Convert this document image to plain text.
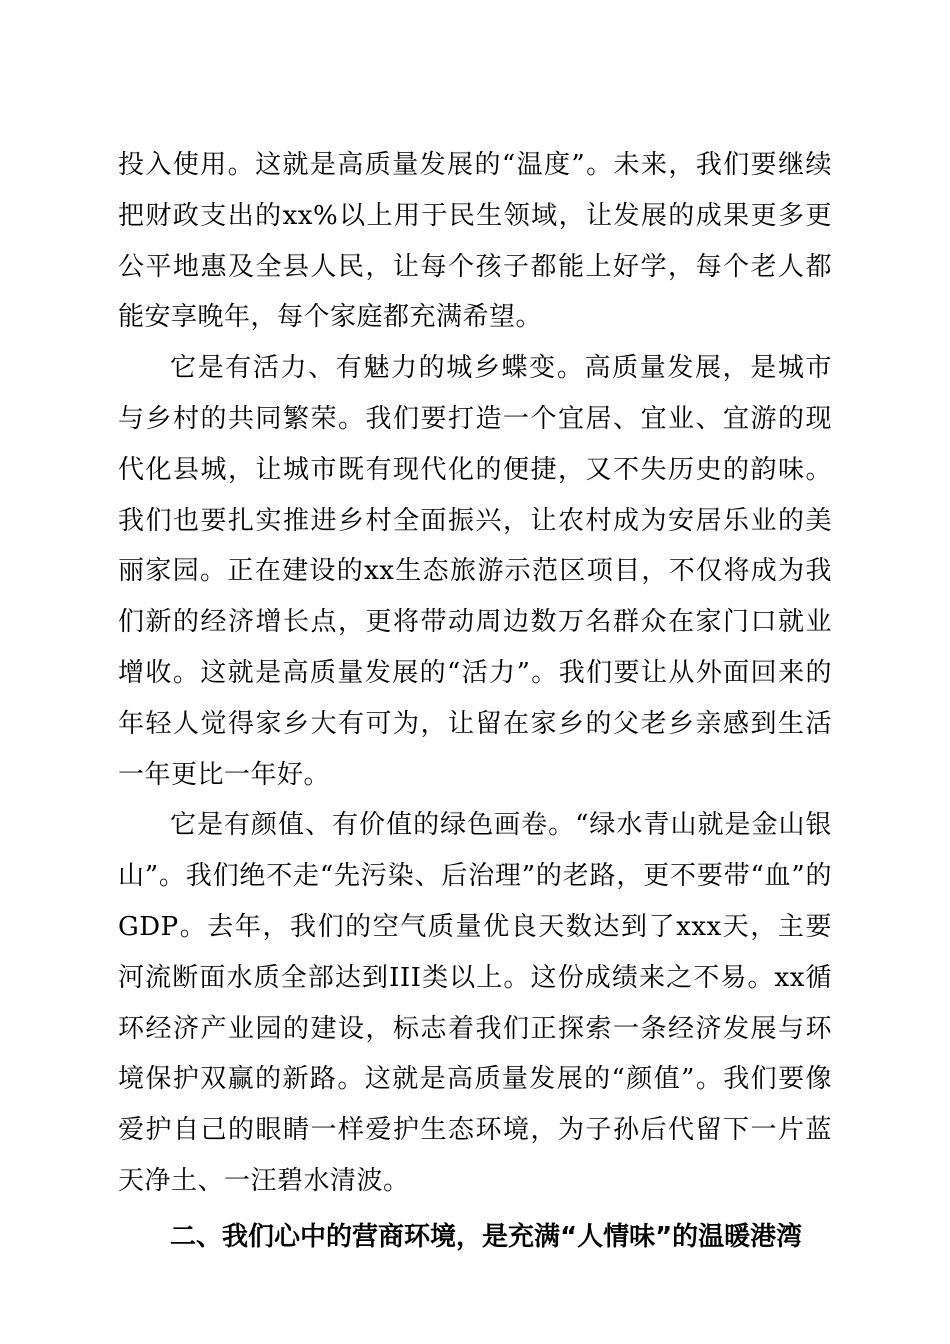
投入使用。这就是高质量发展的“温度”。未来，我们要继续把财政支出的xx%以上用于民生领域，让发展的成果更多更公平地惠及全县人民，让每个孩子都能上好学，每个老人都能安享晚年，每个家庭都充满希望。

它是有活力、有魅力的城乡蝶变。高质量发展，是城市与乡村的共同繁荣。我们要打造一个宜居、宜业、宜游的现代化县城，让城市既有现代化的便捷，又不失历史的韵味。我们也要扎实推进乡村全面振兴，让农村成为安居乐业的美丽家园。正在建设的xx生态旅游示范区项目，不仅将成为我们新的经济增长点，更将带动周边数万名群众在家门口就业增收。这就是高质量发展的“活力”。我们要让从外面回来的年轻人觉得家乡大有可为，让留在家乡的父老乡亲感到生活一年更比一年好。

它是有颜值、有价值的绿色画卷。“绿水青山就是金山银山”。我们绝不走“先污染、后治理”的老路，更不要带“血”的GDP。去年，我们的空气质量优良天数达到了xxx天，主要河流断面水质全部达到III类以上。这份成绩来之不易。xx循环经济产业园的建设，标志着我们正探索一条经济发展与环境保护双赢的新路。这就是高质量发展的“颜值”。我们要像爱护自己的眼睛一样爱护生态环境，为子孙后代留下一片蓝天净土、一汪碧水清波。

二、我们心中的营商环境，是充满“人情味”的温暖港湾
